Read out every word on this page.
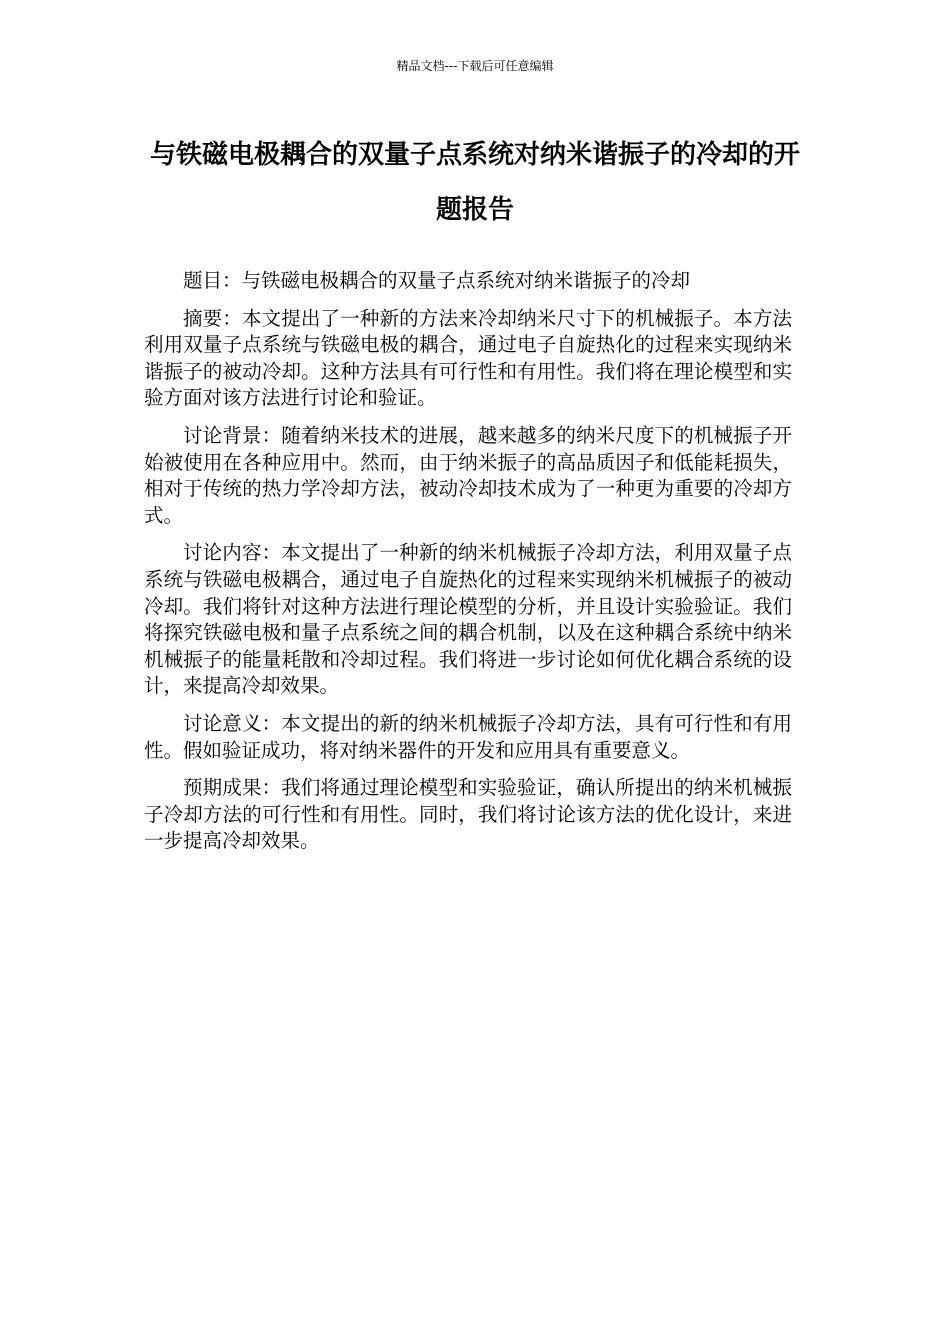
精品文档---下载后可任意编辑
与铁磁电极耦合的双量子点系统对纳米谐振子的冷却的开题报告

题目：与铁磁电极耦合的双量子点系统对纳米谐振子的冷却

摘要：本文提出了一种新的方法来冷却纳米尺寸下的机械振子。本方法利用双量子点系统与铁磁电极的耦合，通过电子自旋热化的过程来实现纳米谐振子的被动冷却。这种方法具有可行性和有用性。我们将在理论模型和实验方面对该方法进行讨论和验证。

讨论背景：随着纳米技术的进展，越来越多的纳米尺度下的机械振子开始被使用在各种应用中。然而，由于纳米振子的高品质因子和低能耗损失，相对于传统的热力学冷却方法，被动冷却技术成为了一种更为重要的冷却方式。

讨论内容：本文提出了一种新的纳米机械振子冷却方法，利用双量子点系统与铁磁电极耦合，通过电子自旋热化的过程来实现纳米机械振子的被动冷却。我们将针对这种方法进行理论模型的分析，并且设计实验验证。我们将探究铁磁电极和量子点系统之间的耦合机制，以及在这种耦合系统中纳米机械振子的能量耗散和冷却过程。我们将进一步讨论如何优化耦合系统的设计，来提高冷却效果。

讨论意义：本文提出的新的纳米机械振子冷却方法，具有可行性和有用性。假如验证成功，将对纳米器件的开发和应用具有重要意义。

预期成果：我们将通过理论模型和实验验证，确认所提出的纳米机械振子冷却方法的可行性和有用性。同时，我们将讨论该方法的优化设计，来进一步提高冷却效果。
